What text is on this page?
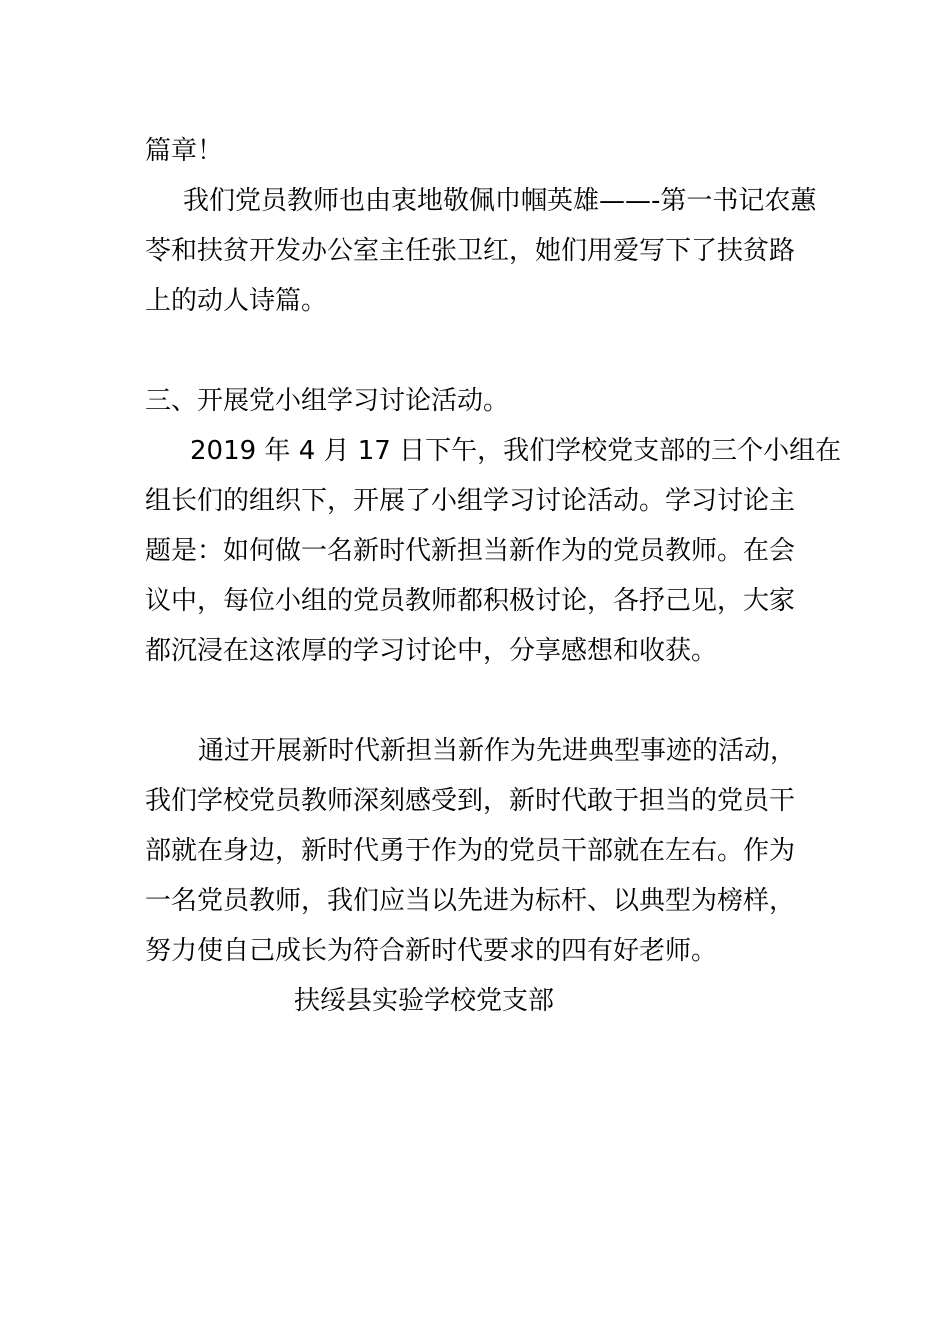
篇章！

我们党员教师也由衷地敬佩巾帼英雄——-第一书记农蕙

苓和扶贫开发办公室主任张卫红，她们用爱写下了扶贫路

上的动人诗篇。

三、开展党小组学习讨论活动。

2019 年 4 月 17 日下午，我们学校党支部的三个小组在

组长们的组织下，开展了小组学习讨论活动。学习讨论主

题是：如何做一名新时代新担当新作为的党员教师。在会

议中，每位小组的党员教师都积极讨论，各抒己见，大家

都沉浸在这浓厚的学习讨论中，分享感想和收获。

通过开展新时代新担当新作为先进典型事迹的活动，

我们学校党员教师深刻感受到，新时代敢于担当的党员干

部就在身边，新时代勇于作为的党员干部就在左右。作为

一名党员教师，我们应当以先进为标杆、以典型为榜样，

努力使自己成长为符合新时代要求的四有好老师。

扶绥县实验学校党支部
